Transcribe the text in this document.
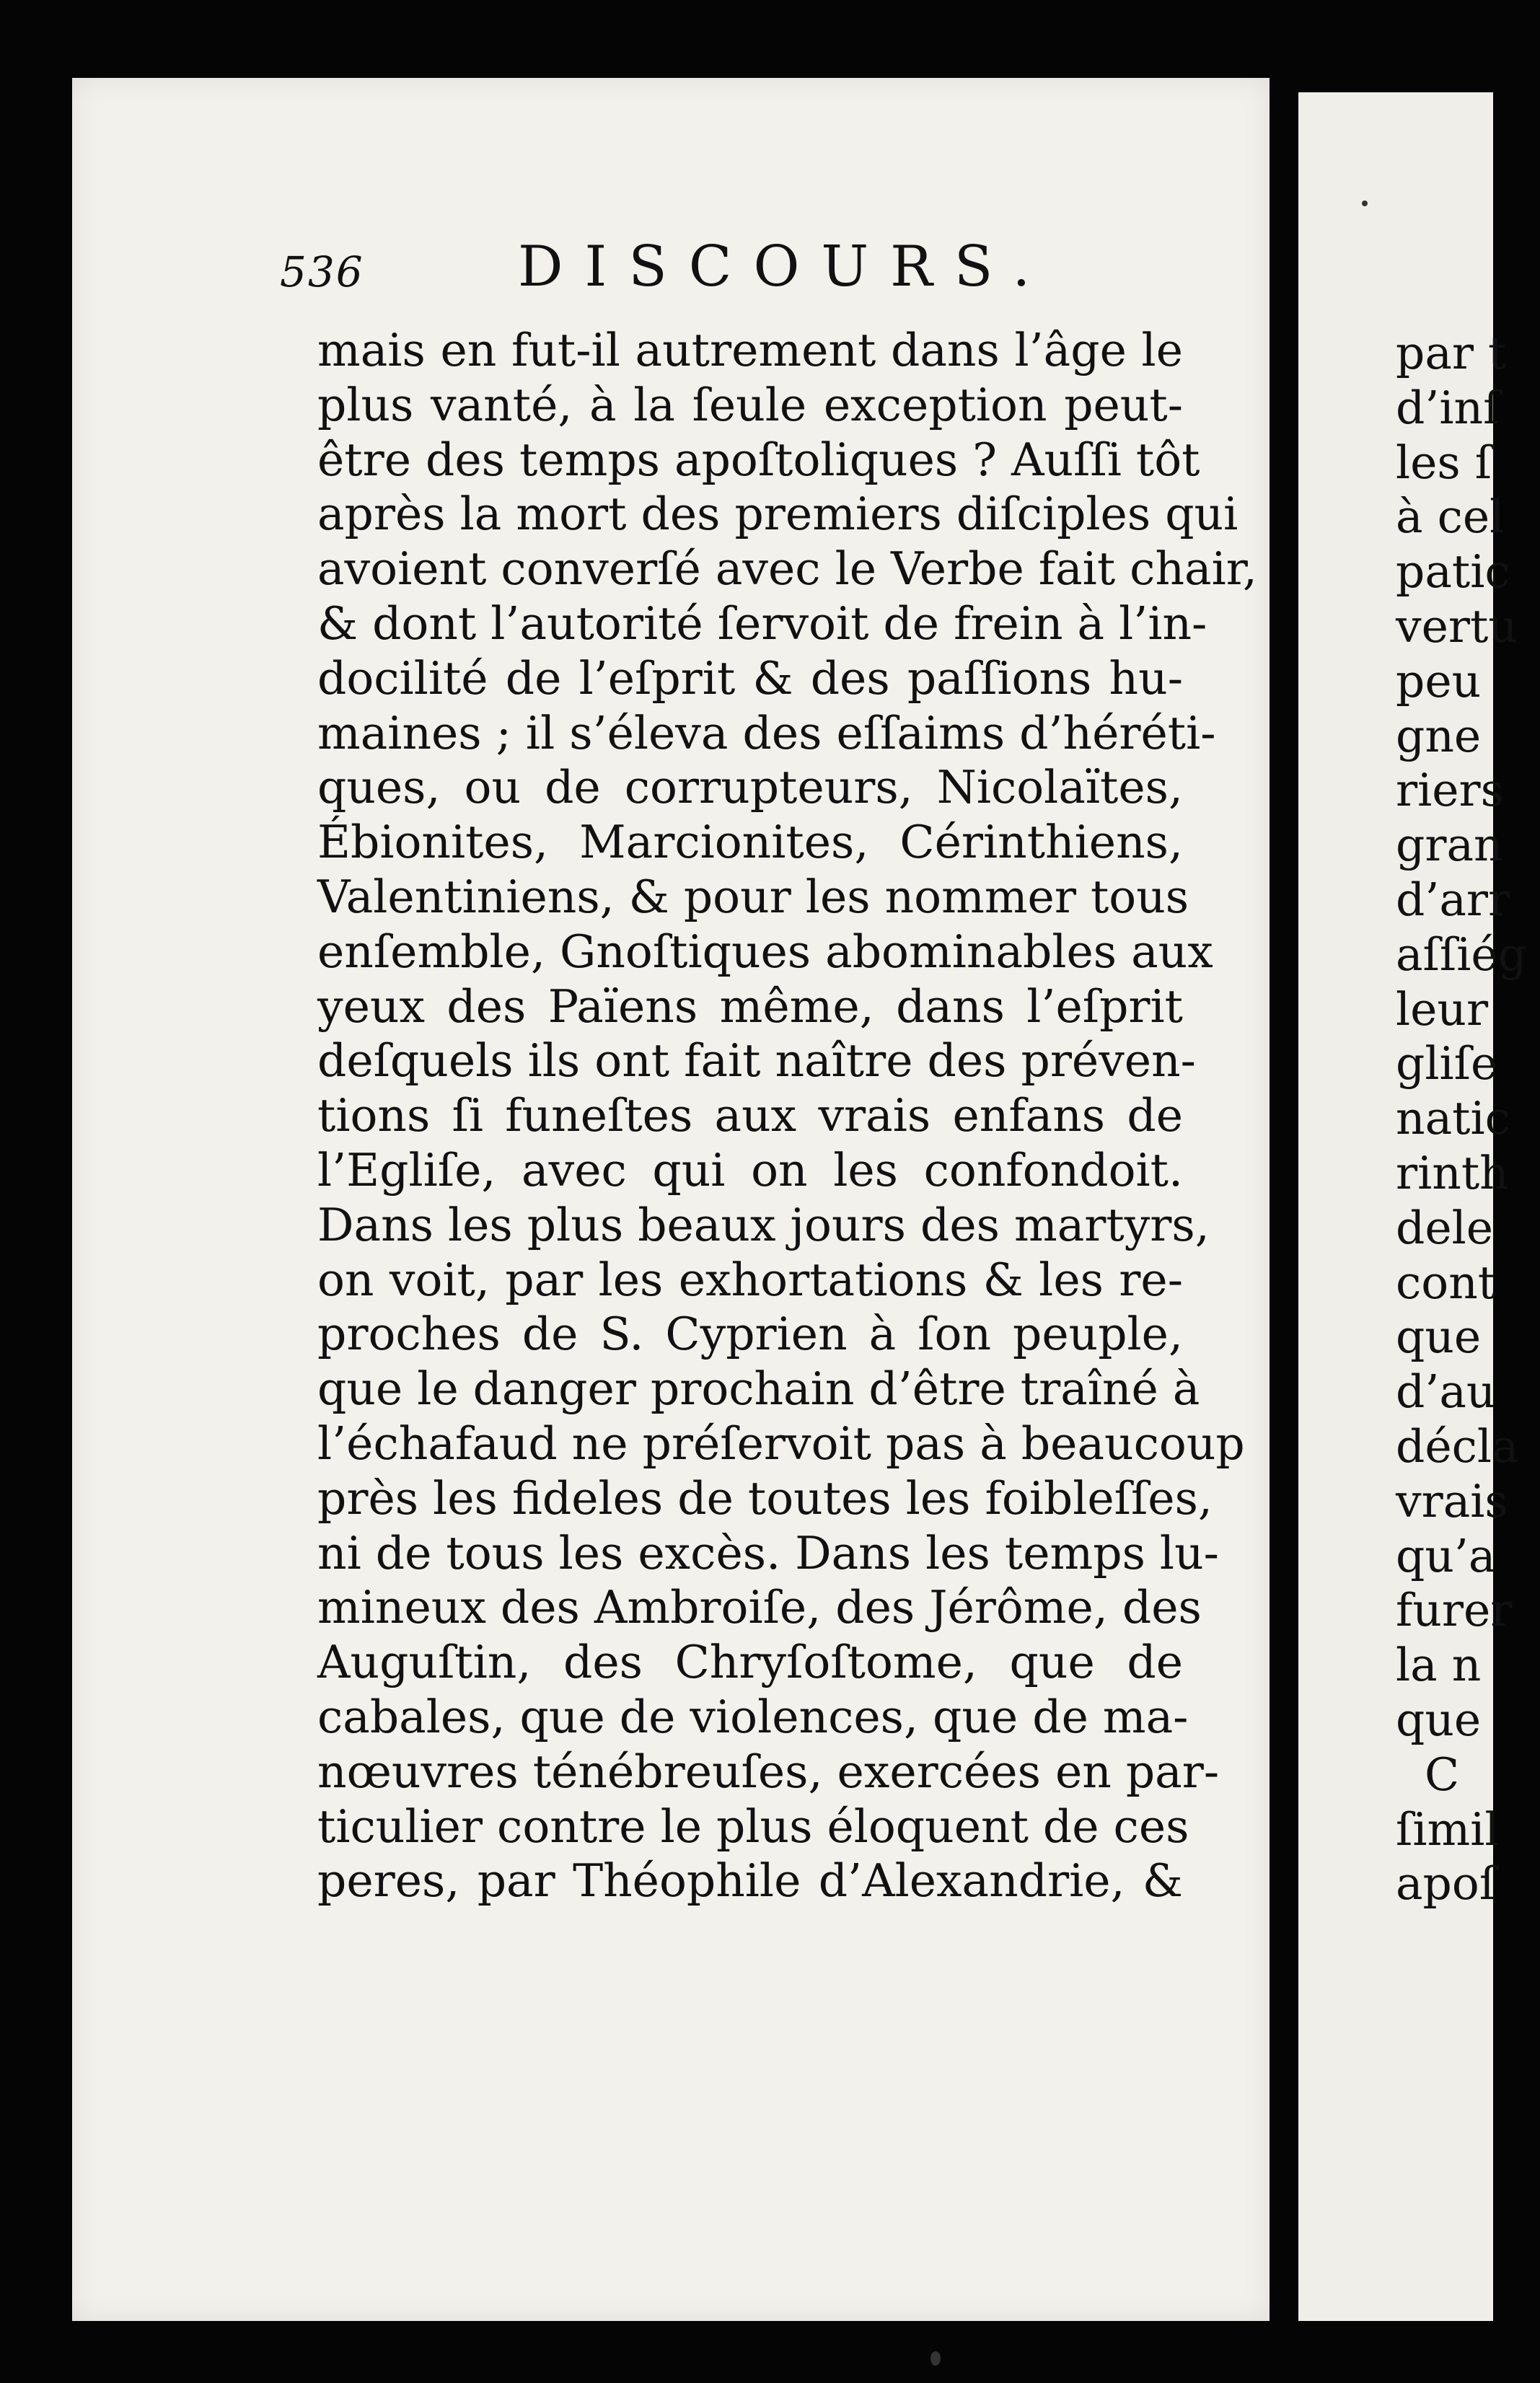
536	DISCOURS.
mais en fut-il autrement dans l’âge le
plus vanté, à la ſeule exception peut-
être des temps apoſtoliques ? Auſſi tôt
après la mort des premiers diſciples qui
avoient converſé avec le Verbe fait chair,
& dont l’autorité ſervoit de frein à l’in-
docilité de l’eſprit & des paſſions hu-
maines ; il s’éleva des eſſaims d’héréti-
ques, ou de corrupteurs, Nicolaïtes,
Ébionites, Marcionites, Cérinthiens,
Valentiniens, & pour les nommer tous
enſemble, Gnoſtiques abominables aux
yeux des Païens même, dans l’eſprit
deſquels ils ont fait naître des préven-
tions ſi funeſtes aux vrais enfans de
l’Egliſe, avec qui on les confondoit.
Dans les plus beaux jours des martyrs,
on voit, par les exhortations & les re-
proches de S. Cyprien à ſon peuple,
que le danger prochain d’être traîné à
l’échafaud ne préſervoit pas à beaucoup
près les fideles de toutes les foibleſſes,
ni de tous les excès. Dans les temps lu-
mineux des Ambroiſe, des Jérôme, des
Auguſtin, des Chryſoſtome, que de
cabales, que de violences, que de ma-
nœuvres ténébreuſes, exercées en par-
ticulier contre le plus éloquent de ces
peres, par Théophile d’Alexandrie, &
par t
d’inſ
les ſ
à cel
patic
vertu
peu
gne
riers
gran
d’arr
aſſiég
leur
gliſe
natic
rinth
dele
cont
que
d’au
décla
vrais
qu’a
furer
la n
que
C
ſimil
apoſ
